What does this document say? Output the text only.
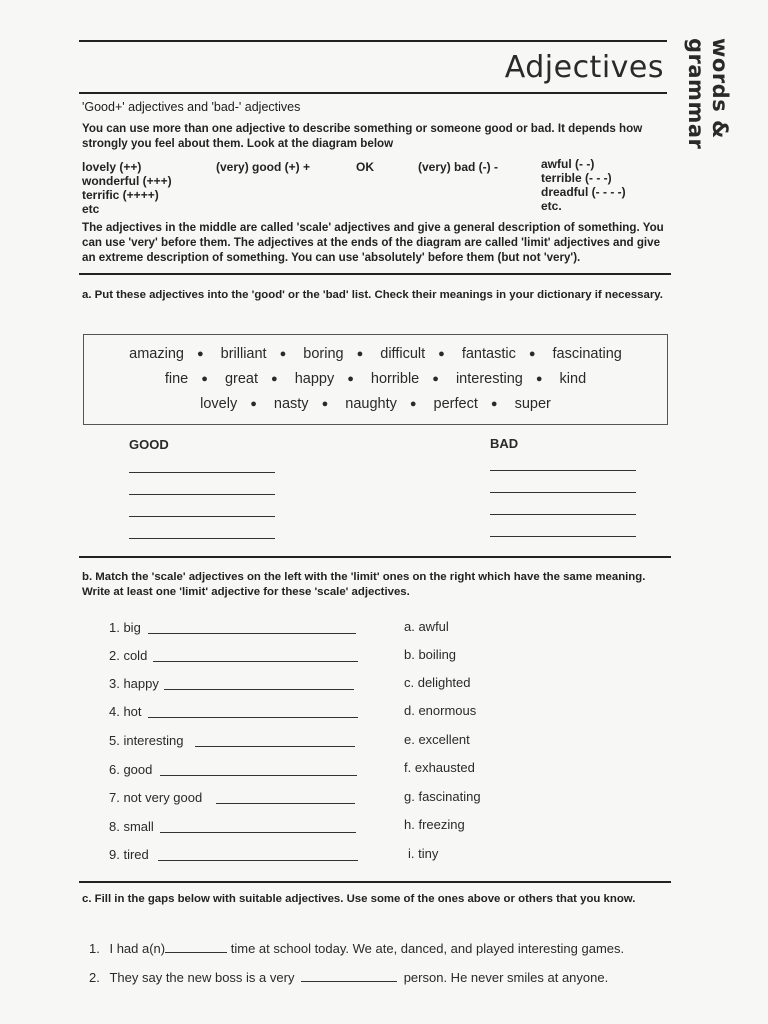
Adjectives words & grammar
'Good+' adjectives and 'bad-' adjectives
You can use more than one adjective to describe something or someone good or bad. It depends how strongly you feel about them. Look at the diagram below
lovely (++)
wonderful (+++)
terrific (++++)
etc
(very) good (+) +	OK	(very) bad (-) -	awful (- -)
terrible (- - -)
dreadful (- - - -)
etc.
The adjectives in the middle are called 'scale' adjectives and give a general description of something. You can use 'very' before them. The adjectives at the ends of the diagram are called 'limit' adjectives and give an extreme description of something. You can use 'absolutely' before them (but not 'very').
a. Put these adjectives into the 'good' or the 'bad' list. Check their meanings in your dictionary if necessary.
amazing ● brilliant ● boring ● difficult ● fantastic ● fascinating
fine ● great ● happy ● horrible ● interesting ● kind
lovely ● nasty ● naughty ● perfect ● super
GOOD	BAD
b. Match the 'scale' adjectives on the left with the 'limit' ones on the right which have the same meaning. Write at least one 'limit' adjective for these 'scale' adjectives.
1. big
2. cold
3. happy
4. hot
5. interesting
6. good
7. not very good
8. small
9. tired
a. awful
b. boiling
c. delighted
d. enormous
e. excellent
f. exhausted
g. fascinating
h. freezing
i. tiny
c. Fill in the gaps below with suitable adjectives. Use some of the ones above or others that you know.
1. I had a(n)	time at school today. We ate, danced, and played interesting games.
2. They say the new boss is a very	person. He never smiles at anyone.
